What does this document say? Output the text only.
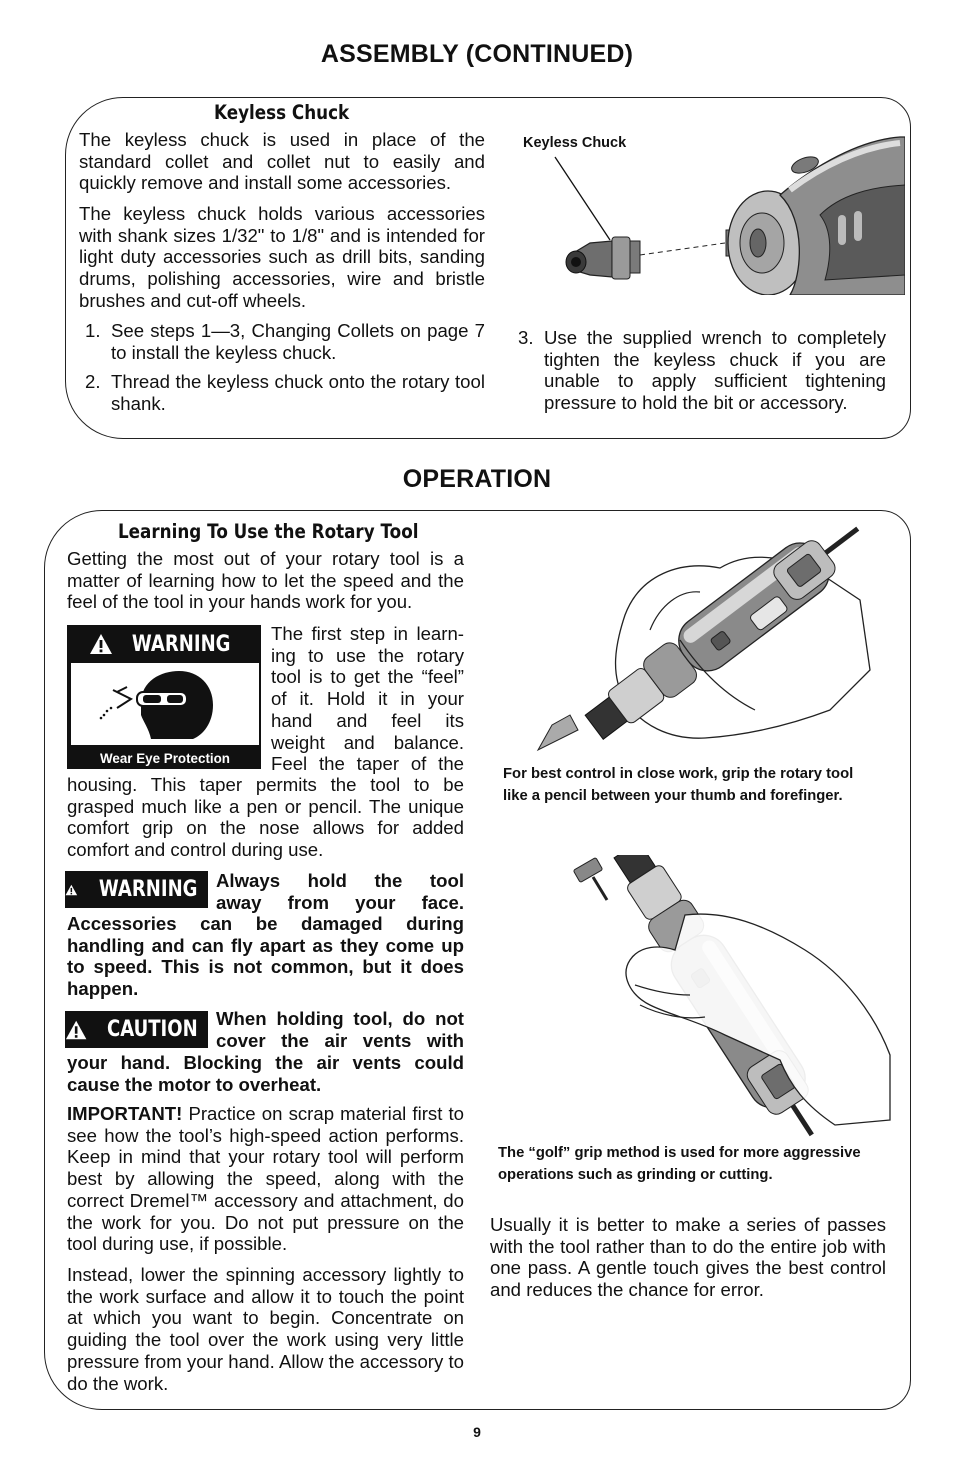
ASSEMBLY (CONTINUED)
Keyless Chuck
The keyless chuck is used in place of the standard collet and collet nut to easily and quickly remove and install some accessories.
The keyless chuck holds various accessories with shank sizes 1/32" to 1/8" and is intended for light duty accessories such as drill bits, sanding drums, polishing accessories, wire and bristle brushes and cut-off wheels.
1. See steps 1—3, Changing Collets on page 7 to install the keyless chuck.
2. Thread the keyless chuck onto the rotary tool shank.
3. Use the supplied wrench to completely tighten the keyless chuck if you are unable to apply sufficient tightening pressure to hold the bit or accessory.
Keyless Chuck
OPERATION
Learning To Use the Rotary Tool
Getting the most out of your rotary tool is a matter of learning how to let the speed and the feel of the tool in your hands work for you.
WARNING
Wear Eye Protection
The first step in learn-
ing to use the rotary
tool is to get the “feel”
of it. Hold it in your
hand and feel its
weight and balance.
Feel the taper of the
housing. This taper permits the tool to be grasped much like a pen or pencil. The unique comfort grip on the nose allows for added comfort and control during use.
WARNING Always hold the tool
away from your face.
Accessories can be damaged during handling and can fly apart as they come up to speed. This is not common, but it does happen.
CAUTION When holding tool, do not
cover the air vents with
your hand. Blocking the air vents could cause the motor to overheat.
IMPORTANT! Practice on scrap material first to see how the tool’s high-speed action performs. Keep in mind that your rotary tool will perform best by allowing the speed, along with the correct Dremel™ accessory and attachment, do the work for you. Do not put pressure on the tool during use, if possible.
Instead, lower the spinning accessory lightly to the work surface and allow it to touch the point at which you want to begin. Concentrate on guiding the tool over the work using very little pressure from your hand. Allow the accessory to do the work.
For best control in close work, grip the rotary tool like a pencil between your thumb and forefinger.
The “golf” grip method is used for more aggressive operations such as grinding or cutting.
Usually it is better to make a series of passes with the tool rather than to do the entire job with one pass. A gentle touch gives the best control and reduces the chance for error.
9
